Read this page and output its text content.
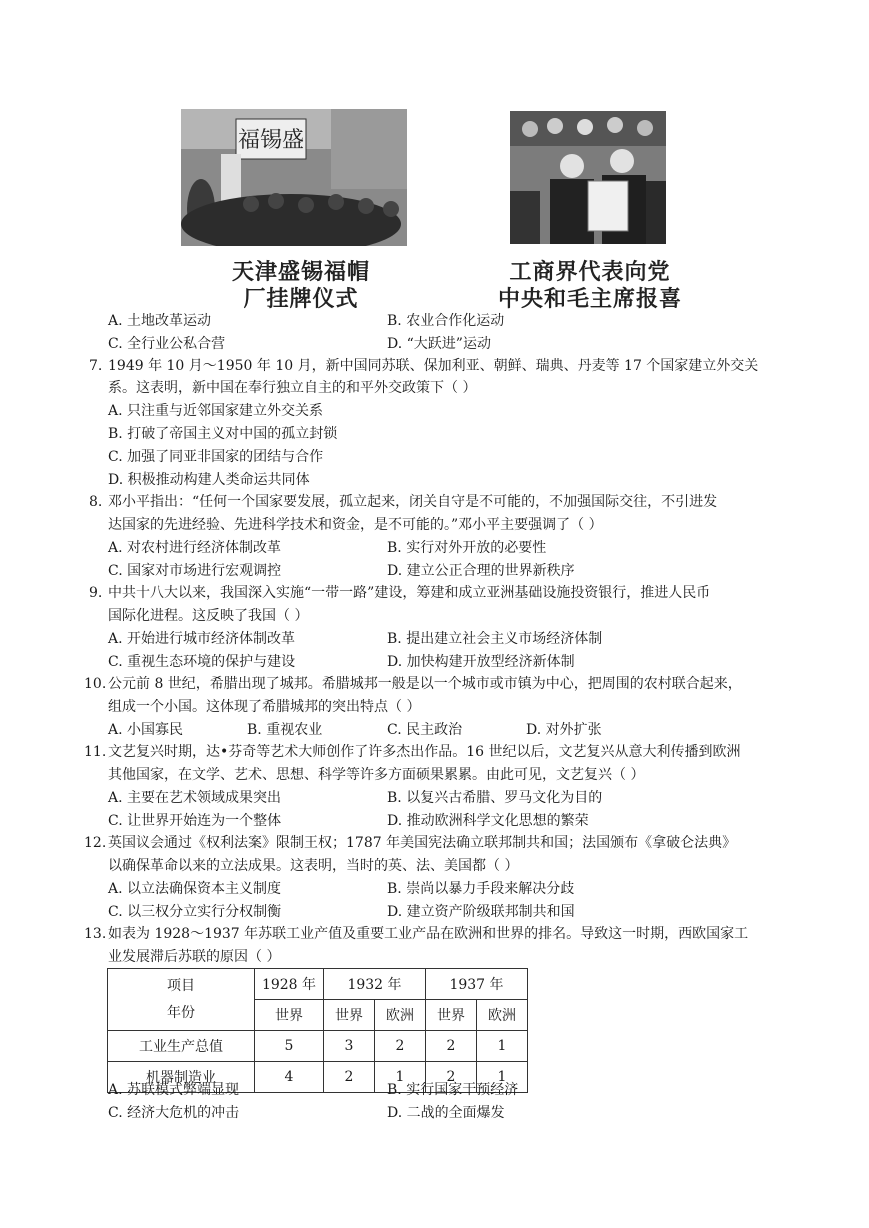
福锡盛
天津盛锡福帽
厂挂牌仪式
工商界代表向党
中央和毛主席报喜
A. 土地改革运动	B. 农业合作化运动
C. 全行业公私合营	D. “大跃进”运动
7. 1949 年 10 月～1950 年 10 月，新中国同苏联、保加利亚、朝鲜、瑞典、丹麦等 17 个国家建立外交关
系。这表明，新中国在奉行独立自主的和平外交政策下（ ）
A. 只注重与近邻国家建立外交关系
B. 打破了帝国主义对中国的孤立封锁
C. 加强了同亚非国家的团结与合作
D. 积极推动构建人类命运共同体
8. 邓小平指出：“任何一个国家要发展，孤立起来，闭关自守是不可能的，不加强国际交往，不引进发
达国家的先进经验、先进科学技术和资金，是不可能的。”邓小平主要强调了（ ）
A. 对农村进行经济体制改革	B. 实行对外开放的必要性
C. 国家对市场进行宏观调控	D. 建立公正合理的世界新秩序
9. 中共十八大以来，我国深入实施“一带一路”建设，筹建和成立亚洲基础设施投资银行，推进人民币
国际化进程。这反映了我国（ ）
A. 开始进行城市经济体制改革	B. 提出建立社会主义市场经济体制
C. 重视生态环境的保护与建设	D. 加快构建开放型经济新体制
10. 公元前 8 世纪，希腊出现了城邦。希腊城邦一般是以一个城市或市镇为中心，把周围的农村联合起来，
组成一个小国。这体现了希腊城邦的突出特点（ ）
A. 小国寡民	B. 重视农业	C. 民主政治	D. 对外扩张
11. 文艺复兴时期，达•芬奇等艺术大师创作了许多杰出作品。16 世纪以后，文艺复兴从意大利传播到欧洲
其他国家，在文学、艺术、思想、科学等许多方面硕果累累。由此可见，文艺复兴（ ）
A. 主要在艺术领域成果突出	B. 以复兴古希腊、罗马文化为目的
C. 让世界开始连为一个整体	D. 推动欧洲科学文化思想的繁荣
12. 英国议会通过《权利法案》限制王权；1787 年美国宪法确立联邦制共和国；法国颁布《拿破仑法典》
以确保革命以来的立法成果。这表明，当时的英、法、美国都（ ）
A. 以立法确保资本主义制度	B. 崇尚以暴力手段来解决分歧
C. 以三权分立实行分权制衡	D. 建立资产阶级联邦制共和国
13. 如表为 1928～1937 年苏联工业产值及重要工业产品在欧洲和世界的排名。导致这一时期，西欧国家工
业发展滞后苏联的原因（ ）
项目
年份	1928 年	1932 年		1937 年	
	世界	世界	欧洲	世界	欧洲
工业生产总值	5	3	2	2	1
机器制造业	4	2	1	2	1
A. 苏联模式弊端显现	B. 实行国家干预经济
C. 经济大危机的冲击	D. 二战的全面爆发
